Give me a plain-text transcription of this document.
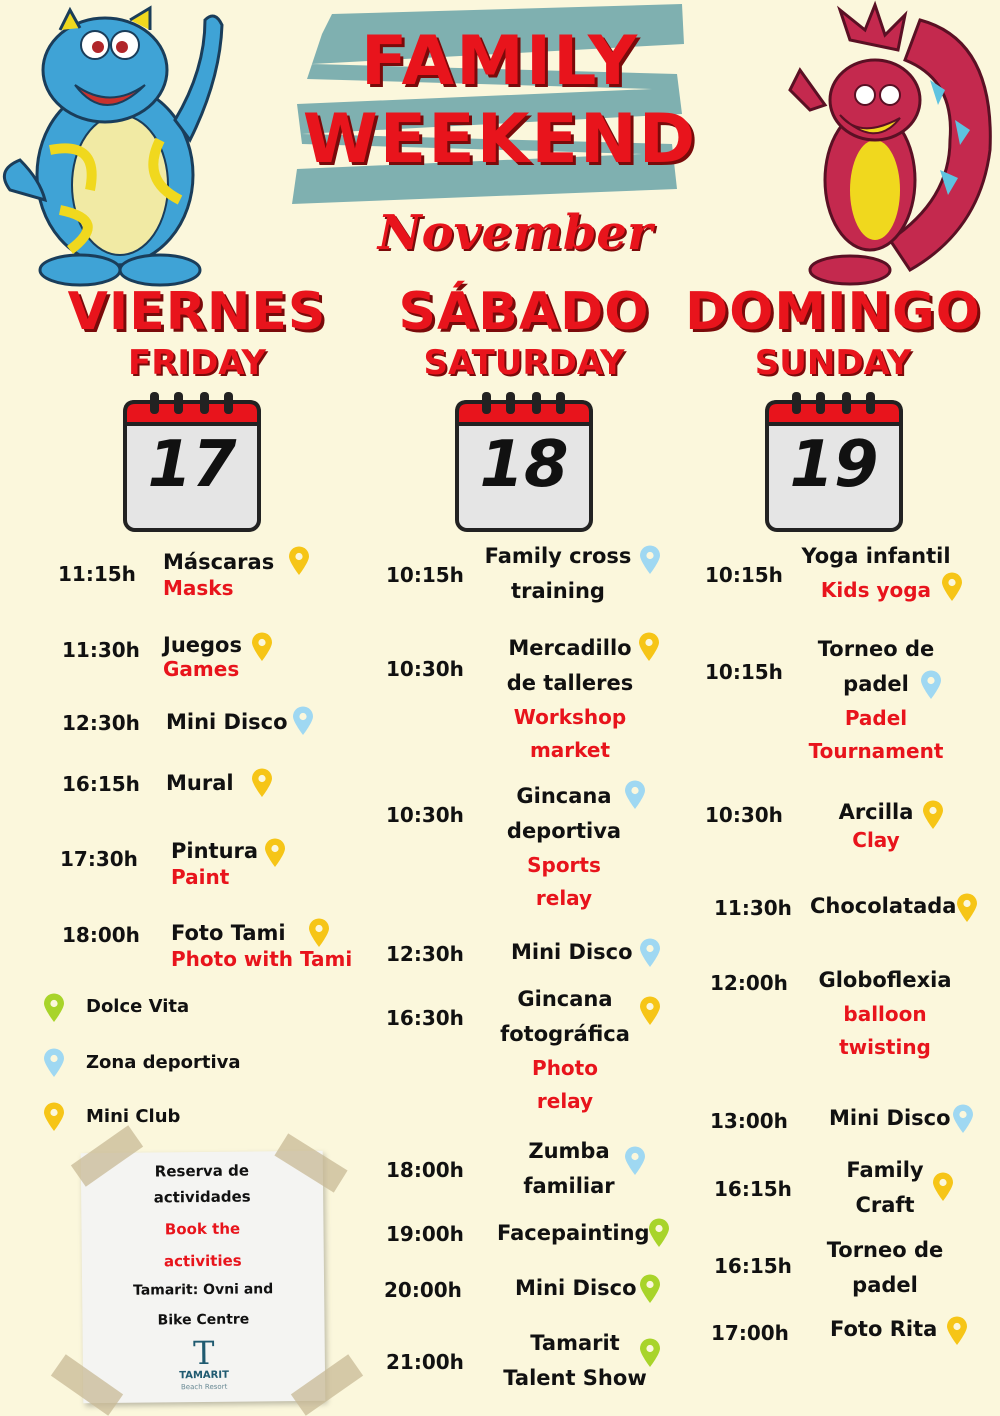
FAMILY
WEEKEND
November
VIERNES
FRIDAY
SÁBADO
SATURDAY
DOMINGO
SUNDAY
17	18	19
11:15h Máscaras
Masks
11:30h Juegos
Games
12:30h Mini Disco
16:15h Mural
17:30h Pintura
Paint
18:00h Foto Tami
Photo with Tami
Dolce Vita
Zona deportiva
Mini Club
Reserva de
actividades
Book the
activities
Tamarit: Ovni and
Bike Centre
T
TAMARIT
Beach Resort
10:15h
Family cross
training
10:30h
Mercadillo
de talleres
Workshop
market
10:30h
Gincana
deportiva
Sports
relay
12:30h Mini Disco
16:30h
Gincana
fotográfica
Photo
relay
18:00h
Zumba
familiar
19:00h Facepainting
20:00h	Mini Disco
21:00h
Tamarit
Talent Show
10:15h
Yoga infantil
Kids yoga
10:15h
Torneo de
padel
Padel
Tournament
10:30h	Arcilla
Clay
11:30h Chocolatada
12:00h	Globoflexia
balloon
twisting
13:00h Mini Disco
16:15h
Family
Craft
16:15h
Torneo de
padel
17:00h Foto Rita
